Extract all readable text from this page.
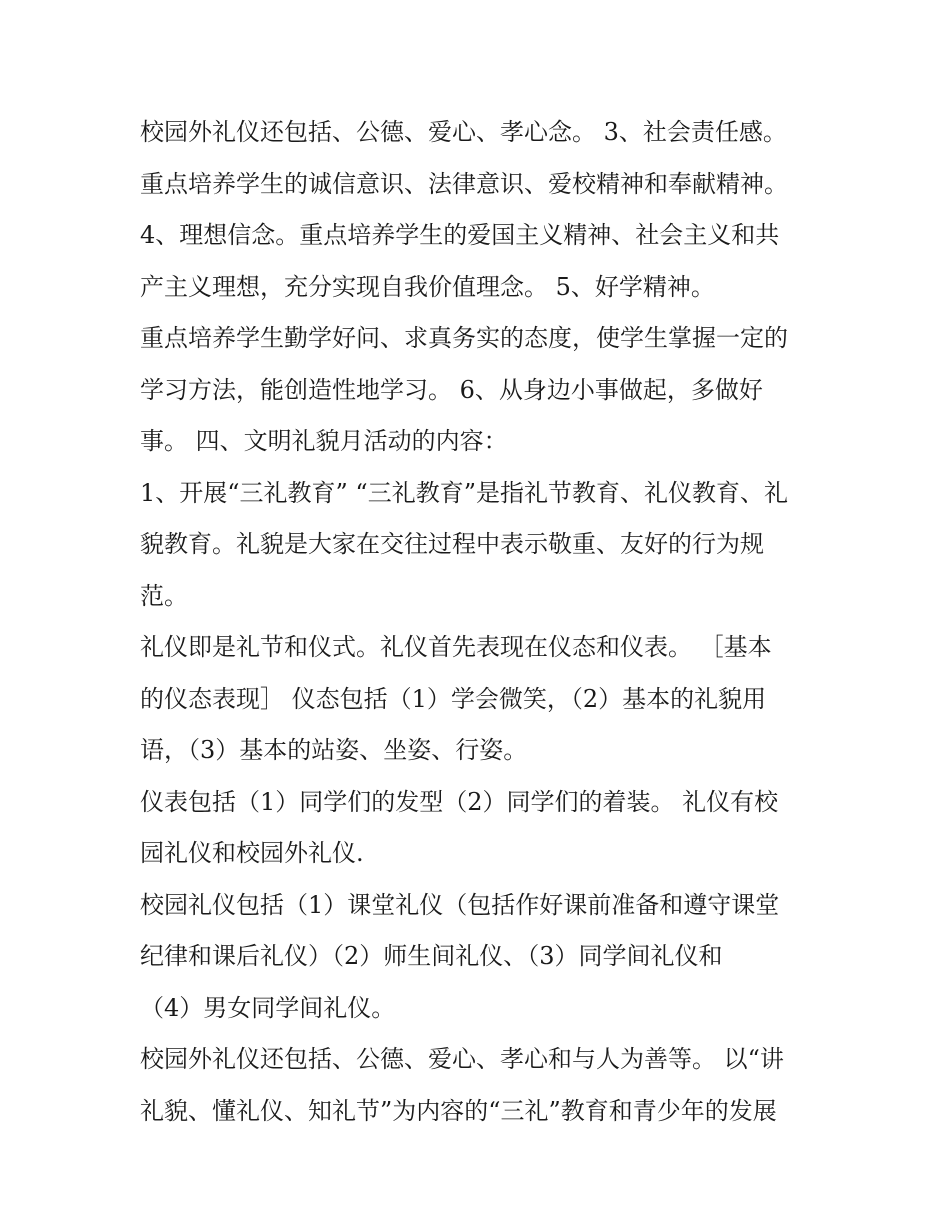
校园外礼仪还包括、公德、爱心、孝心念。 3、社会责任感。
重点培养学生的诚信意识、法律意识、爱校精神和奉献精神。
4、理想信念。重点培养学生的爱国主义精神、社会主义和共
产主义理想，充分实现自我价值理念。 5、好学精神。
重点培养学生勤学好问、求真务实的态度，使学生掌握一定的
学习方法，能创造性地学习。 6、从身边小事做起，多做好
事。 四、文明礼貌月活动的内容：
1、开展“三礼教育” “三礼教育”是指礼节教育、礼仪教育、礼
貌教育。礼貌是大家在交往过程中表示敬重、友好的行为规
范。
礼仪即是礼节和仪式。礼仪首先表现在仪态和仪表。 ［基本
的仪态表现］ 仪态包括（1）学会微笑，（2）基本的礼貌用
语，（3）基本的站姿、坐姿、行姿。
仪表包括（1）同学们的发型（2）同学们的着装。 礼仪有校
园礼仪和校园外礼仪.
校园礼仪包括（1）课堂礼仪（包括作好课前准备和遵守课堂
纪律和课后礼仪）（2）师生间礼仪、（3）同学间礼仪和
（4）男女同学间礼仪。
校园外礼仪还包括、公德、爱心、孝心和与人为善等。 以“讲
礼貌、懂礼仪、知礼节”为内容的“三礼”教育和青少年的发展
